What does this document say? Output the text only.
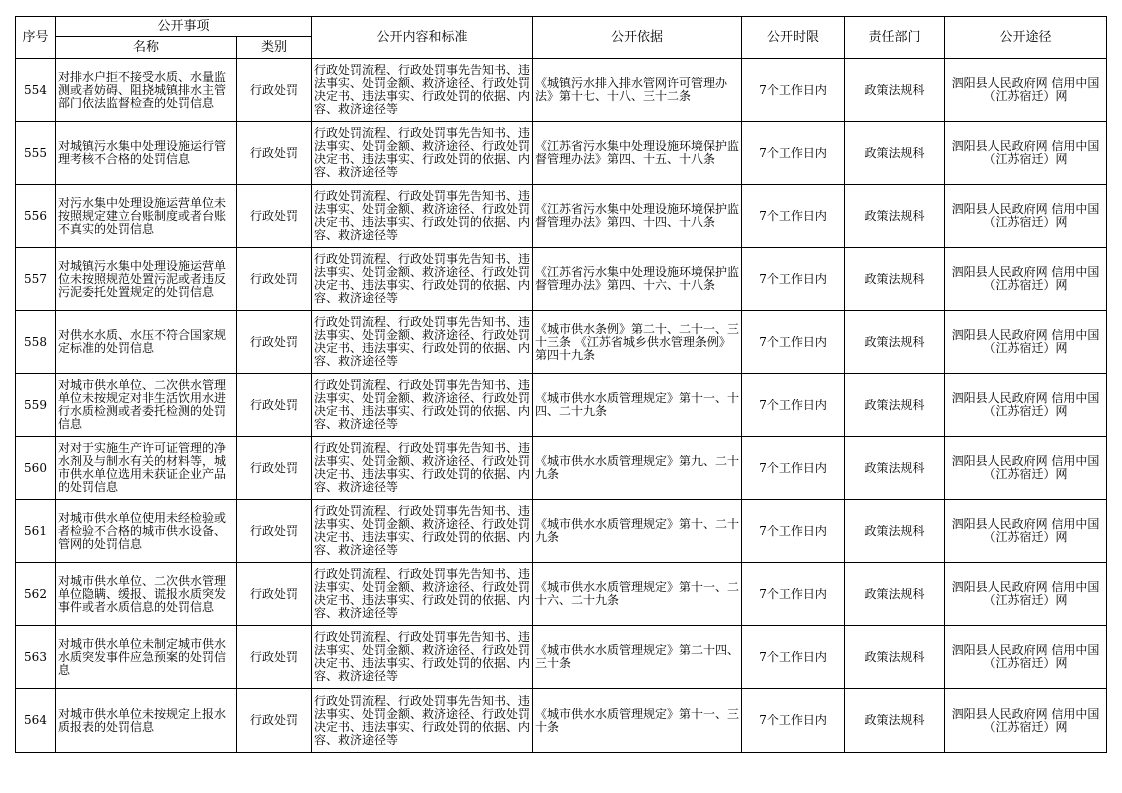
序号	公开事项		公开内容和标准	公开依据	公开时限	责任部门	公开途径
	名称	类别					

554	对排水户拒不接受水质、水量监测或者妨碍、阻挠城镇排水主管部门依法监督检查的处罚信息	行政处罚	行政处罚流程、行政处罚事先告知书、违法事实、处罚金额、救济途径、行政处罚决定书、违法事实、行政处罚的依据、内容、救济途径等	《城镇污水排入排水管网许可管理办法》第十七、十八、三十二条	7个工作日内	政策法规科	泗阳县人民政府网 信用中国（江苏宿迁）网

555	对城镇污水集中处理设施运行管理考核不合格的处罚信息	行政处罚	行政处罚流程、行政处罚事先告知书、违法事实、处罚金额、救济途径、行政处罚决定书、违法事实、行政处罚的依据、内容、救济途径等	《江苏省污水集中处理设施环境保护监督管理办法》第四、十五、十八条	7个工作日内	政策法规科	泗阳县人民政府网 信用中国（江苏宿迁）网

556	对污水集中处理设施运营单位未按照规定建立台账制度或者台账不真实的处罚信息	行政处罚	行政处罚流程、行政处罚事先告知书、违法事实、处罚金额、救济途径、行政处罚决定书、违法事实、行政处罚的依据、内容、救济途径等	《江苏省污水集中处理设施环境保护监督管理办法》第四、十四、十八条	7个工作日内	政策法规科	泗阳县人民政府网 信用中国（江苏宿迁）网

557	对城镇污水集中处理设施运营单位未按照规范处置污泥或者违反污泥委托处置规定的处罚信息	行政处罚	行政处罚流程、行政处罚事先告知书、违法事实、处罚金额、救济途径、行政处罚决定书、违法事实、行政处罚的依据、内容、救济途径等	《江苏省污水集中处理设施环境保护监督管理办法》第四、十六、十八条	7个工作日内	政策法规科	泗阳县人民政府网 信用中国（江苏宿迁）网

558	对供水水质、水压不符合国家规定标准的处罚信息	行政处罚	行政处罚流程、行政处罚事先告知书、违法事实、处罚金额、救济途径、行政处罚决定书、违法事实、行政处罚的依据、内容、救济途径等	《城市供水条例》第二十、二十一、三十三条 《江苏省城乡供水管理条例》第四十九条	7个工作日内	政策法规科	泗阳县人民政府网 信用中国（江苏宿迁）网

559	对城市供水单位、二次供水管理单位未按规定对非生活饮用水进行水质检测或者委托检测的处罚信息	行政处罚	行政处罚流程、行政处罚事先告知书、违法事实、处罚金额、救济途径、行政处罚决定书、违法事实、行政处罚的依据、内容、救济途径等	《城市供水水质管理规定》第十一、十四、二十九条	7个工作日内	政策法规科	泗阳县人民政府网 信用中国（江苏宿迁）网

560	对对于实施生产许可证管理的净水剂及与制水有关的材料等，城市供水单位选用未获证企业产品的处罚信息	行政处罚	行政处罚流程、行政处罚事先告知书、违法事实、处罚金额、救济途径、行政处罚决定书、违法事实、行政处罚的依据、内容、救济途径等	《城市供水水质管理规定》第九、二十九条	7个工作日内	政策法规科	泗阳县人民政府网 信用中国（江苏宿迁）网

561	对城市供水单位使用未经检验或者检验不合格的城市供水设备、管网的处罚信息	行政处罚	行政处罚流程、行政处罚事先告知书、违法事实、处罚金额、救济途径、行政处罚决定书、违法事实、行政处罚的依据、内容、救济途径等	《城市供水水质管理规定》第十、二十九条	7个工作日内	政策法规科	泗阳县人民政府网 信用中国（江苏宿迁）网

562	对城市供水单位、二次供水管理单位隐瞒、缓报、谎报水质突发事件或者水质信息的处罚信息	行政处罚	行政处罚流程、行政处罚事先告知书、违法事实、处罚金额、救济途径、行政处罚决定书、违法事实、行政处罚的依据、内容、救济途径等	《城市供水水质管理规定》第十一、二十六、二十九条	7个工作日内	政策法规科	泗阳县人民政府网 信用中国（江苏宿迁）网

563	对城市供水单位未制定城市供水水质突发事件应急预案的处罚信息	行政处罚	行政处罚流程、行政处罚事先告知书、违法事实、处罚金额、救济途径、行政处罚决定书、违法事实、行政处罚的依据、内容、救济途径等	《城市供水水质管理规定》第二十四、三十条	7个工作日内	政策法规科	泗阳县人民政府网 信用中国（江苏宿迁）网

564	对城市供水单位未按规定上报水质报表的处罚信息	行政处罚	行政处罚流程、行政处罚事先告知书、违法事实、处罚金额、救济途径、行政处罚决定书、违法事实、行政处罚的依据、内容、救济途径等	《城市供水水质管理规定》第十一、三十条	7个工作日内	政策法规科	泗阳县人民政府网 信用中国（江苏宿迁）网
